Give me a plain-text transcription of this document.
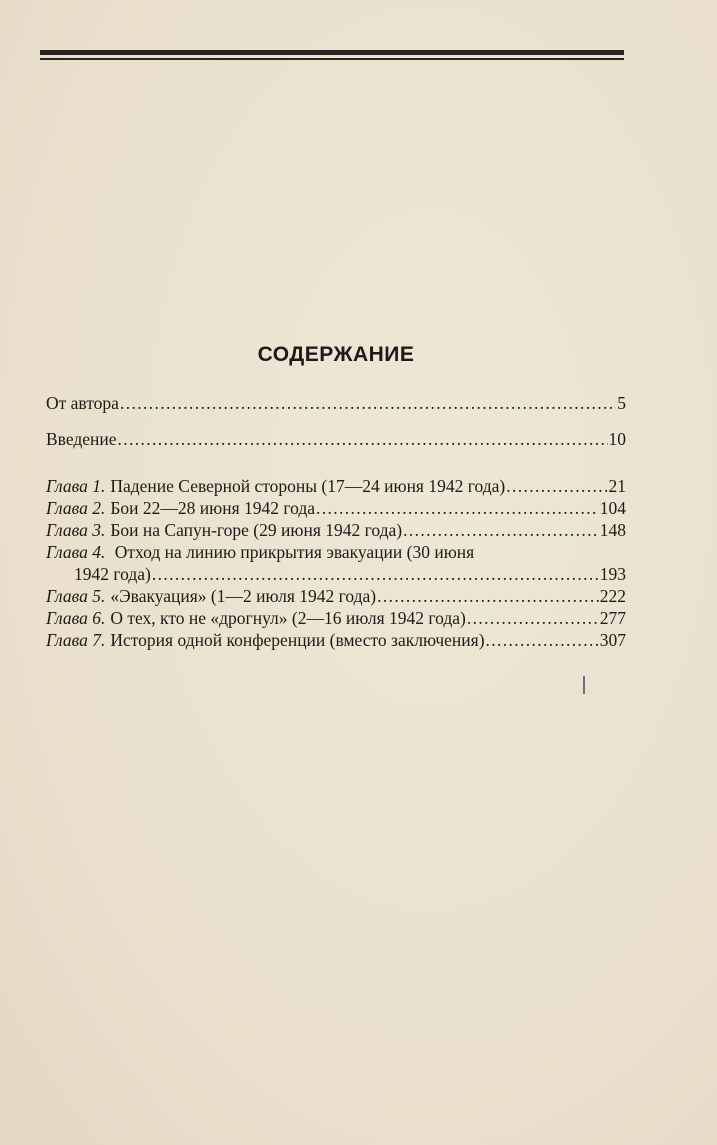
СОДЕРЖАНИЕ
От автора . . .	5
Введение . . .	10
Глава 1. Падение Северной стороны (17—24 июня 1942 года) . . .	21
Глава 2. Бои 22—28 июня 1942 года . . .	104
Глава 3. Бои на Сапун-горе (29 июня 1942 года) . . .	148
Глава 4. Отход на линию прикрытия эвакуации (30 июня
1942 года) . . .	193
Глава 5. «Эвакуация» (1—2 июля 1942 года) . . .	222
Глава 6. О тех, кто не «дрогнул» (2—16 июля 1942 года) . . .	277
Глава 7. История одной конференции (вместо заключения) . . .	307
